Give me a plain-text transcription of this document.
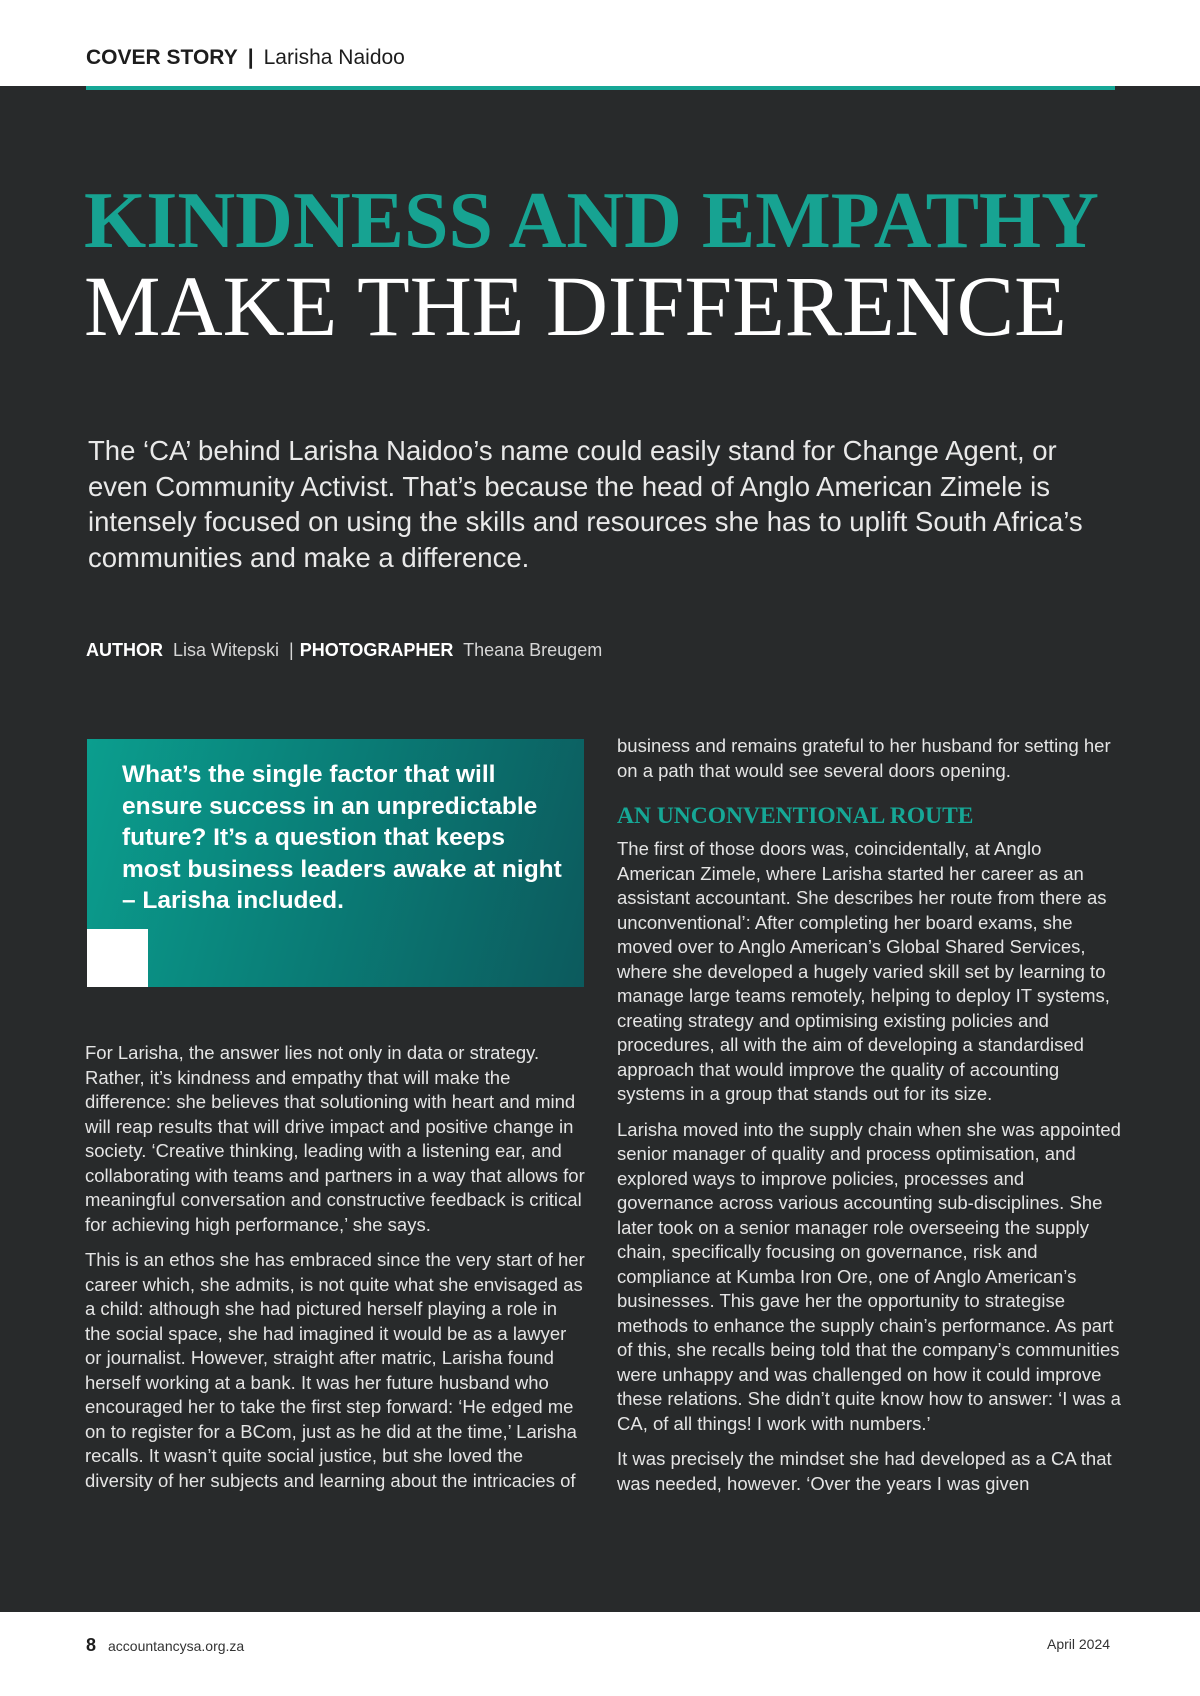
COVER STORY | Larisha Naidoo
KINDNESS AND EMPATHY
MAKE THE DIFFERENCE

The ‘CA’ behind Larisha Naidoo’s name could easily stand for Change Agent, or even Community Activist. That’s because the head of Anglo American Zimele is intensely focused on using the skills and resources she has to uplift South Africa’s communities and make a difference.

AUTHOR Lisa Witepski | PHOTOGRAPHER Theana Breugem

What’s the single factor that will ensure success in an unpredictable future? It’s a question that keeps most business leaders awake at night – Larisha included.

For Larisha, the answer lies not only in data or strategy. Rather, it’s kindness and empathy that will make the difference: she believes that solutioning with heart and mind will reap results that will drive impact and positive change in society. ‘Creative thinking, leading with a listening ear, and collaborating with teams and partners in a way that allows for meaningful conversation and constructive feedback is critical for achieving high performance,’ she says.

This is an ethos she has embraced since the very start of her career which, she admits, is not quite what she envisaged as a child: although she had pictured herself playing a role in the social space, she had imagined it would be as a lawyer or journalist. However, straight after matric, Larisha found herself working at a bank. It was her future husband who encouraged her to take the first step forward: ‘He edged me on to register for a BCom, just as he did at the time,’ Larisha recalls. It wasn’t quite social justice, but she loved the diversity of her subjects and learning about the intricacies of

business and remains grateful to her husband for setting her on a path that would see several doors opening.

AN UNCONVENTIONAL ROUTE

The first of those doors was, coincidentally, at Anglo American Zimele, where Larisha started her career as an assistant accountant. She describes her route from there as unconventional’: After completing her board exams, she moved over to Anglo American’s Global Shared Services, where she developed a hugely varied skill set by learning to manage large teams remotely, helping to deploy IT systems, creating strategy and optimising existing policies and procedures, all with the aim of developing a standardised approach that would improve the quality of accounting systems in a group that stands out for its size.

Larisha moved into the supply chain when she was appointed senior manager of quality and process optimisation, and explored ways to improve policies, processes and governance across various accounting sub-disciplines. She later took on a senior manager role overseeing the supply chain, specifically focusing on governance, risk and compliance at Kumba Iron Ore, one of Anglo American’s businesses. This gave her the opportunity to strategise methods to enhance the supply chain’s performance. As part of this, she recalls being told that the company’s communities were unhappy and was challenged on how it could improve these relations. She didn’t quite know how to answer: ‘I was a CA, of all things! I work with numbers.’

It was precisely the mindset she had developed as a CA that was needed, however. ‘Over the years I was given

8 accountancysa.org.za	April 2024
